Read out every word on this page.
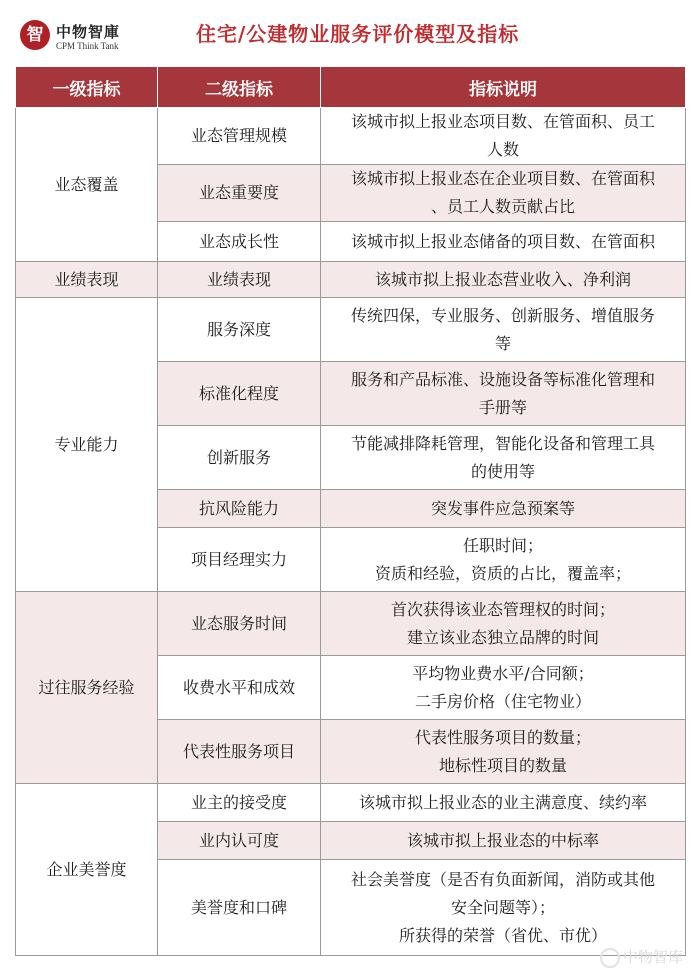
智 中物智庫
CPM Think Tank	住宅/公建物业服务评价模型及指标
一级指标	二级指标	指标说明
业态覆盖	业态管理规模	该城市拟上报业态项目数、在管面积、员工
人数

	业态重要度	该城市拟上报业态在企业项目数、在管面积
、员工人数贡献占比

	业态成长性	该城市拟上报业态储备的项目数、在管面积

业绩表现	业绩表现	该城市拟上报业态营业收入、净利润

专业能力	服务深度	传统四保，专业服务、创新服务、增值服务
等

	标准化程度	服务和产品标准、设施设备等标准化管理和
手册等

	创新服务	节能减排降耗管理，智能化设备和管理工具
的使用等

	抗风险能力	突发事件应急预案等

	项目经理实力	任职时间；
资质和经验，资质的占比，覆盖率；

过往服务经验	业态服务时间	首次获得该业态管理权的时间；
建立该业态独立品牌的时间

	收费水平和成效	平均物业费水平/合同额；
二手房价格（住宅物业）

	代表性服务项目	代表性服务项目的数量；
地标性项目的数量

企业美誉度	业主的接受度	该城市拟上报业态的业主满意度、续约率

	业内认可度	该城市拟上报业态的中标率

	美誉度和口碑	社会美誉度（是否有负面新闻，消防或其他
安全问题等）；
所获得的荣誉（省优、市优）
中物智库
